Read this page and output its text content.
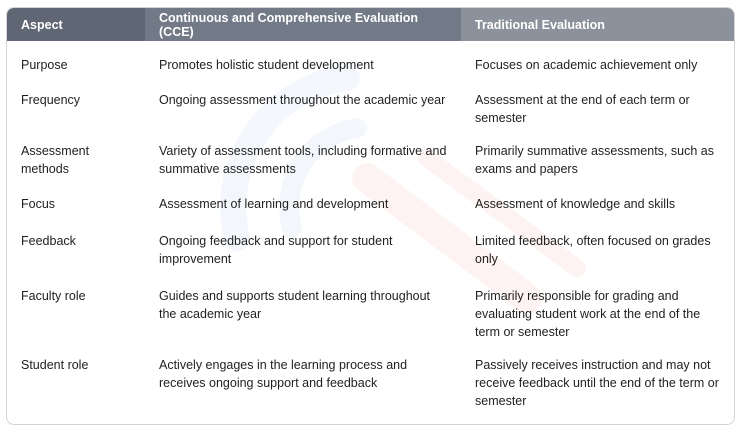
Aspect	Continuous and Comprehensive Evaluation (CCE)	Traditional Evaluation
Purpose	Promotes holistic student development	Focuses on academic achievement only
Frequency	Ongoing assessment throughout the academic year	Assessment at the end of each term or semester
Assessment methods	Variety of assessment tools, including formative and summative assessments	Primarily summative assessments, such as exams and papers
Focus	Assessment of learning and development	Assessment of knowledge and skills
Feedback	Ongoing feedback and support for student improvement	Limited feedback, often focused on grades only
Faculty role	Guides and supports student learning throughout the academic year	Primarily responsible for grading and evaluating student work at the end of the term or semester
Student role	Actively engages in the learning process and receives ongoing support and feedback	Passively receives instruction and may not receive feedback until the end of the term or semester
